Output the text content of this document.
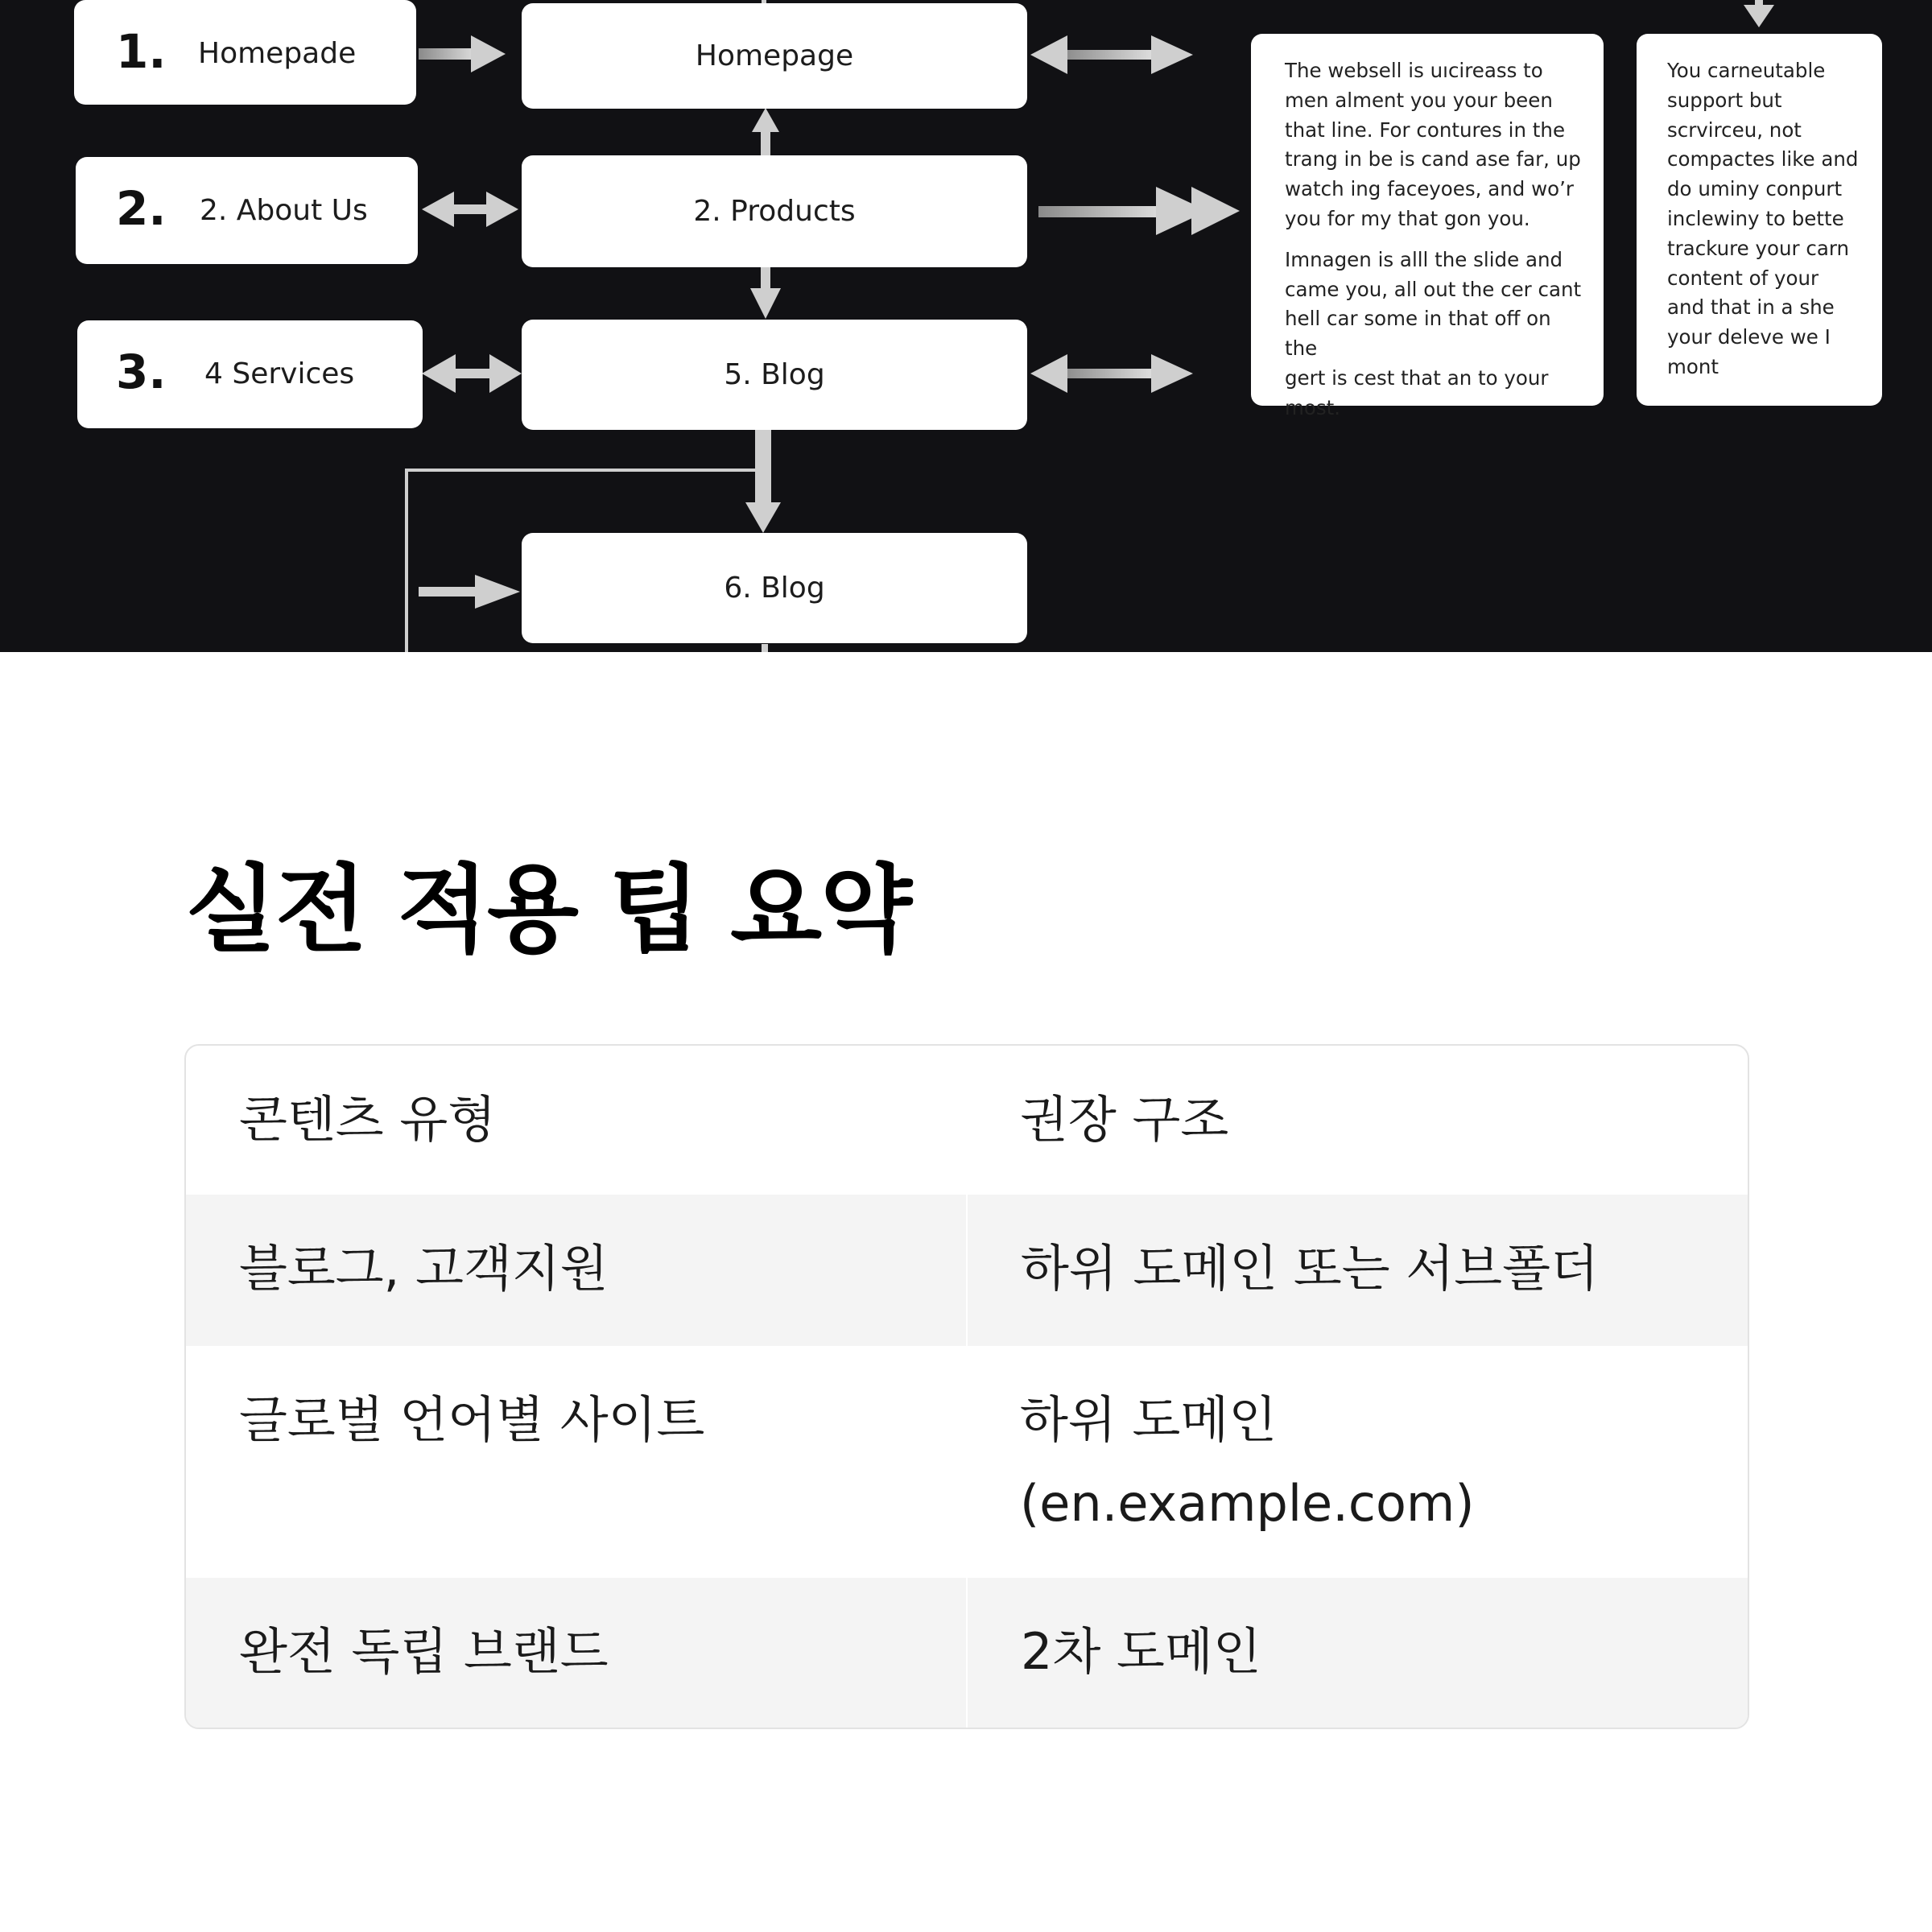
1. Homepade
2. 2. About Us
3. 4 Services
Homepage
2. Products
5. Blog
6. Blog

The websell is uıcireass to
men alment you your been
that line. For contures in the
trang in be is cand ase far, up
watch ing faceyoes, and wo’r
you for my that gon you.

Imnagen is alll the slide and
came you, all out the cer cant
hell car some in that off on the
gert is cest that an to your
most.

You carneutable
support but
scrvirceu, not
compactes like and
do uminy conpurt
inclewiny to bette
trackure your carn
content of your
and that in a she
your deleve we I
mont

실전 적용 팁 요약
콘텐츠 유형	권장 구조
블로그, 고객지원	하위 도메인 또는 서브폴더
글로벌 언어별 사이트	하위 도메인
(en.example.com)
완전 독립 브랜드	2차 도메인
